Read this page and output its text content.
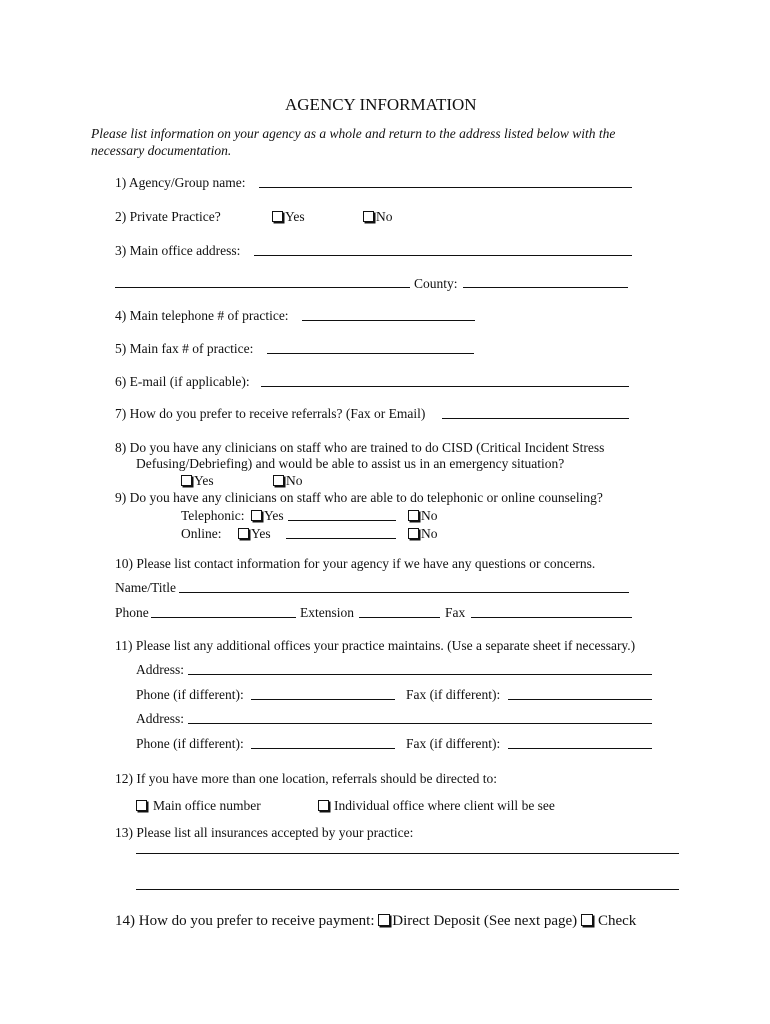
AGENCY INFORMATION
Please list information on your agency as a whole and return to the address listed below with the
necessary documentation.
1) Agency/Group name:
2) Private Practice?	Yes	No
3) Main office address:
County:
4) Main telephone # of practice:
5) Main fax # of practice:
6) E-mail (if applicable):
7) How do you prefer to receive referrals? (Fax or Email)
8) Do you have any clinicians on staff who are trained to do CISD (Critical Incident Stress
Defusing/Debriefing) and would be able to assist us in an emergency situation?
Yes	No
9) Do you have any clinicians on staff who are able to do telephonic or online counseling?
Telephonic:	Yes	No
Online:	Yes	No
10) Please list contact information for your agency if we have any questions or concerns.
Name/Title
Phone	Extension	Fax
11) Please list any additional offices your practice maintains. (Use a separate sheet if necessary.)
Address:
Phone (if different):	Fax (if different):
Address:
Phone (if different):	Fax (if different):
12) If you have more than one location, referrals should be directed to:
Main office number	Individual office where client will be see
13) Please list all insurances accepted by your practice:
14) How do you prefer to receive payment: Direct Deposit (See next page) Check
